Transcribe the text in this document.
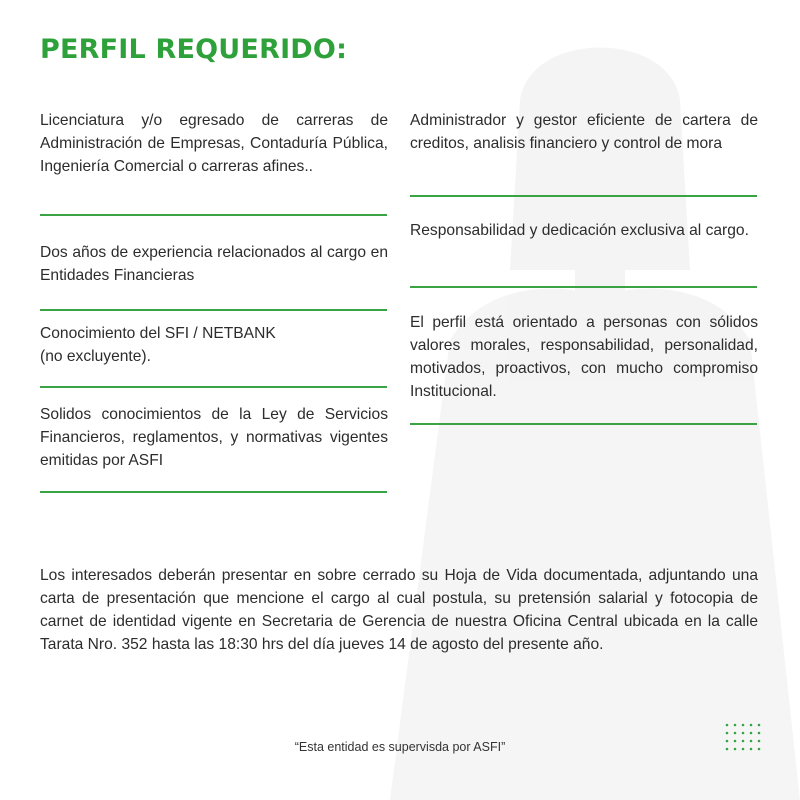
PERFIL REQUERIDO:

Licenciatura y/o egresado de carreras de Administración de Empresas, Contaduría Pública, Ingeniería Comercial o carreras afines..

Dos años de experiencia relacionados al cargo en Entidades Financieras

Conocimiento del SFI / NETBANK
(no excluyente).

Solidos conocimientos de la Ley de Servicios Financieros, reglamentos, y normativas vigentes emitidas por ASFI

Administrador y gestor eficiente de cartera de creditos, analisis financiero y control de mora

Responsabilidad y dedicación exclusiva al cargo.

El perfil está orientado a personas con sólidos valores morales, responsabilidad, personalidad, motivados, proactivos, con mucho compromiso Institucional.

Los interesados deberán presentar en sobre cerrado su Hoja de Vida documentada, adjuntando una carta de presentación que mencione el cargo al cual postula, su pretensión salarial y fotocopia de carnet de identidad vigente en Secretaria de Gerencia de nuestra Oficina Central ubicada en la calle Tarata Nro. 352 hasta las 18:30 hrs del día jueves 14 de agosto del presente año.

“Esta entidad es supervisda por ASFI”
